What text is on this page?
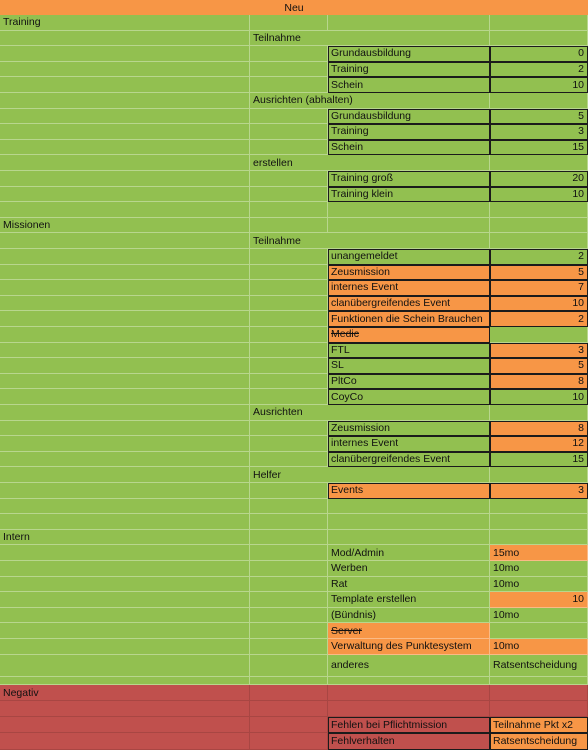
Neu
Training
Teilnahme
Grundausbildung	0
Training	2
Schein	10
Ausrichten (abhalten)
Grundausbildung	5
Training	3
Schein	15
erstellen
Training groß	20
Training klein	10
Missionen
Teilnahme
unangemeldet	2
Zeusmission	5
internes Event	7
clanübergreifendes Event	10
Funktionen die Schein Brauchen	2
Medic
FTL	3
SL	5
PltCo	8
CoyCo	10
Ausrichten
Zeusmission	8
internes Event	12
clanübergreifendes Event	15
Helfer
Events	3
Intern
Mod/Admin	15mo
Werben	10mo
Rat	10mo
Template erstellen	10
(Bündnis)	10mo
Server
Verwaltung des Punktesystem	10mo
anderes	Ratsentscheidung
Negativ
Fehlen bei Pflichtmission	Teilnahme Pkt x2
Fehlverhalten	Ratsentscheidung
